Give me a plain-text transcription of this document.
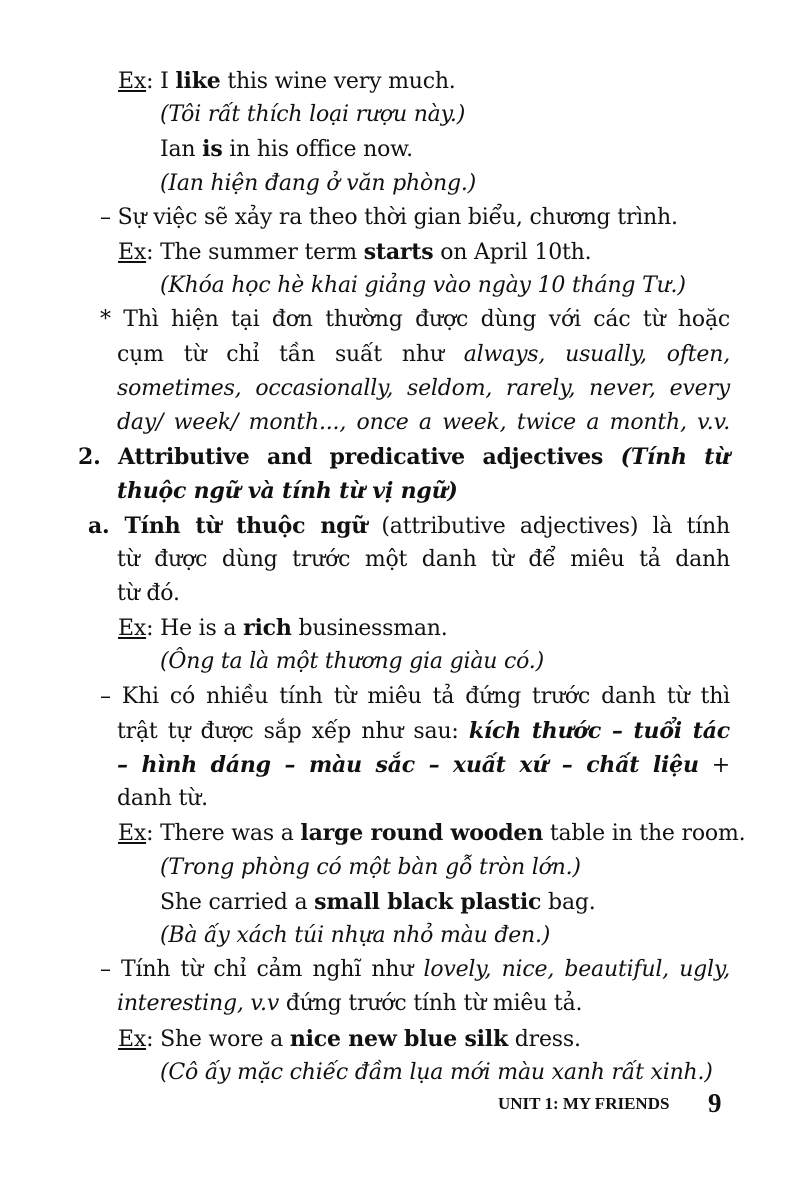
Ex: I like this wine very much.
(Tôi rất thích loại rượu này.)
Ian is in his office now.
(Ian hiện đang ở văn phòng.)
– Sự việc sẽ xảy ra theo thời gian biểu, chương trình.
Ex: The summer term starts on April 10th.
(Khóa học hè khai giảng vào ngày 10 tháng Tư.)
* Thì hiện tại đơn thường được dùng với các từ hoặc
cụm từ chỉ tần suất như always, usually, often,
sometimes, occasionally, seldom, rarely, never, every
day/ week/ month..., once a week, twice a month, v.v.
2. Attributive and predicative adjectives (Tính từ
thuộc ngữ và tính từ vị ngữ)
a. Tính từ thuộc ngữ (attributive adjectives) là tính
từ được dùng trước một danh từ để miêu tả danh
từ đó.
Ex: He is a rich businessman.
(Ông ta là một thương gia giàu có.)
– Khi có nhiều tính từ miêu tả đứng trước danh từ thì
trật tự được sắp xếp như sau: kích thước – tuổi tác
– hình dáng – màu sắc – xuất xứ – chất liệu +
danh từ.
Ex: There was a large round wooden table in the room.
(Trong phòng có một bàn gỗ tròn lớn.)
She carried a small black plastic bag.
(Bà ấy xách túi nhựa nhỏ màu đen.)
– Tính từ chỉ cảm nghĩ như lovely, nice, beautiful, ugly,
interesting, v.v đứng trước tính từ miêu tả.
Ex: She wore a nice new blue silk dress.
(Cô ấy mặc chiếc đầm lụa mới màu xanh rất xinh.)
UNIT 1: MY FRIENDS 9
